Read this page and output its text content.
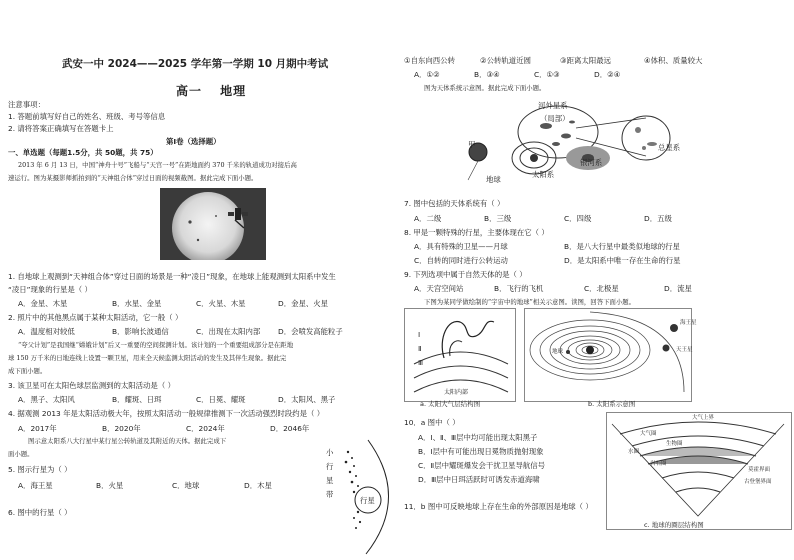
武安一中 2024——2025 学年第一学期 10 月期中考试
高一　 地理
注意事项：
1. 答题前填写好自己的姓名、班级、考号等信息
2. 请将答案正确填写在答题卡上
第Ⅰ卷（选择题）
一、单选题（每题1.5分，共 50题，共 75）
2013 年 6 月 13 日，中国“神舟十号”飞船与“天宫一号”在距地面约 370 千米的轨道成功对接后高
速运行。图为某摄影师抓拍到的“天神组合体”穿过日面的视频截图。据此完成下面小题。
1. 自地球上观测到“天神组合体”穿过日面的场景是一种“凌日”现象，在地球上能观测到太阳系中发生
“凌日”现象的行星是（ ）
A．金星、木星	B．水星、金星	C．火星、木星	D．金星、火星
2. 照片中的其他黑点属于某种太阳活动，它一般（ ）
A．温度相对较低	B．影响长波通信	C．出现在太阳内部 D．会喷发高能粒子
“夸父计划”是我国继“嫦娥计划”后又一重要的空间探测计划。该计划的一个重要组成部分是在距地
球 150 万千米的日地连线上设置一颗卫星，用来全天候监测太阳活动的发生及其伴生现象。据此完
成下面小题。
3. 该卫星可在太阳色球层监测到的太阳活动是（ ）
A．黑子、太阳风	B．耀斑、日珥	C．日冕、耀斑	D．太阳风、黑子
4. 据观测 2013 年是太阳活动极大年，按照太阳活动一般规律推测下一次活动强烈时段约是（ ）
A．2017年	B．2020年	C．2024年	D．2046年
图示意太阳系八大行星中某行星公转轨道及其附近的天体。据此完成下
面小题。
5. 图示行星为（ ）
A．海王星	B．火星	C．地球	D．木星
6. 图中的行星（ ）
小
行
星
带
行星
①自东向西公转	②公转轨道近圆	③距离太阳最远	④体积、质量较大
A．①②	B．③④	C．①③	D．②④
图为天体系统示意图。据此完成下面小题。
河外星系
（局部）
甲
地球
太阳系
银河系
总星系
7. 图中包括的天体系统有（ ）
A．二级	B．三级	C．四级	D．五级
8. 甲是一颗特殊的行星，主要体现在它（ ）
A．具有特殊的卫星——月球	B．是八大行星中最类似地球的行星
C．自转的同时进行公转运动	D．是太阳系中唯一存在生命的行星
9. 下列选项中属于自然天体的是（ ）
A．天宫空间站	B．飞行的飞机	C．北极星	D．流星
下图为某同学做绘制的“宇宙中的地球”相关示意图。读图，回答下面小题。
Ⅰ
Ⅱ
Ⅲ
太阳内部
a. 太阳大气层结构图
海王星
天王星
地球
b. 太阳系示意图
10．a 图中（ ）
A．Ⅰ、Ⅱ、Ⅲ层中均可能出现太阳黑子
B．Ⅰ层中有可能出现日冕物质抛射现象
C．Ⅱ层中耀斑爆发会干扰卫星导航信号
D．Ⅲ层中日珥活跃时可诱发赤道海啸
大气上界
大气圈
水圈
生物圈
岩石圈
莫霍界面
古登堡界面
c. 地球的圈层结构图
11．b 图中可反映地球上存在生命的外部原因是地球（ ）
